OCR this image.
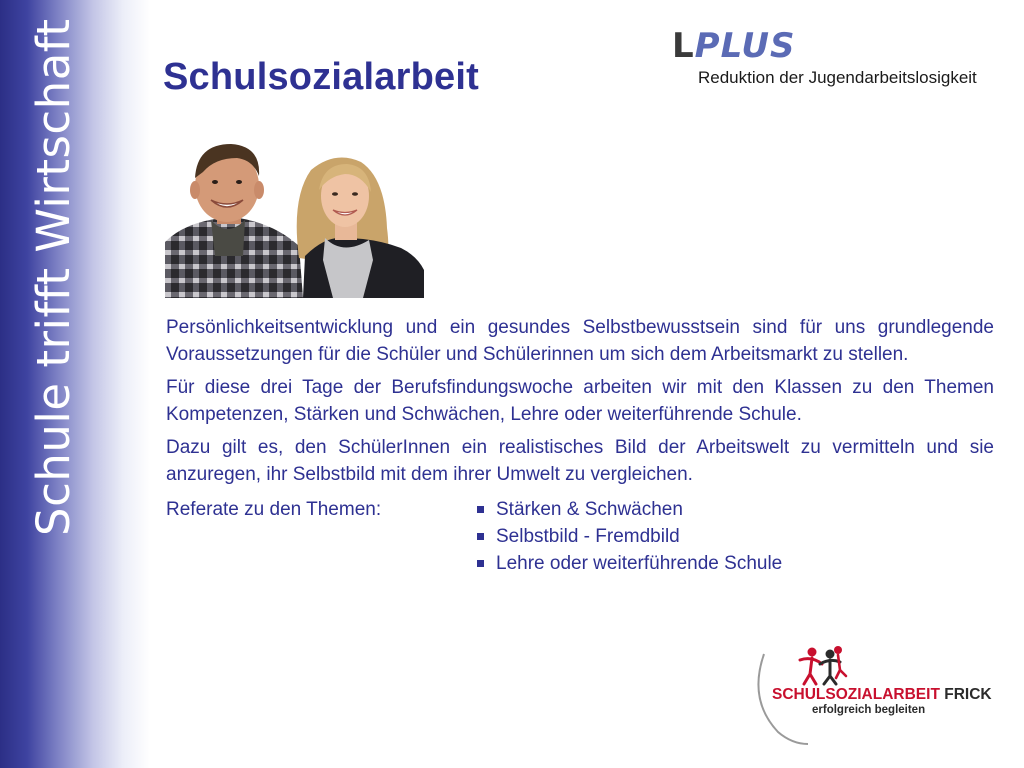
Schule trifft Wirtschaft Schulsozialarbeit
LPLUS
Reduktion der Jugendarbeitslosigkeit

Persönlichkeitsentwicklung und ein gesundes Selbstbewusstsein sind für uns grundlegende Voraussetzungen für die Schüler und Schülerinnen um sich dem Arbeitsmarkt zu stellen.

Für diese drei Tage der Berufsfindungswoche arbeiten wir mit den Klassen zu den Themen Kompetenzen, Stärken und Schwächen, Lehre oder weiterführende Schule.

Dazu gilt es, den SchülerInnen ein realistisches Bild der Arbeitswelt zu vermitteln und sie anzuregen, ihr Selbstbild mit dem ihrer Umwelt zu vergleichen.

Referate zu den Themen:	Stärken & Schwächen
Selbstbild - Fremdbild
Lehre oder weiterführende Schule
SCHULSOZIALARBEIT FRICK
erfolgreich begleiten
